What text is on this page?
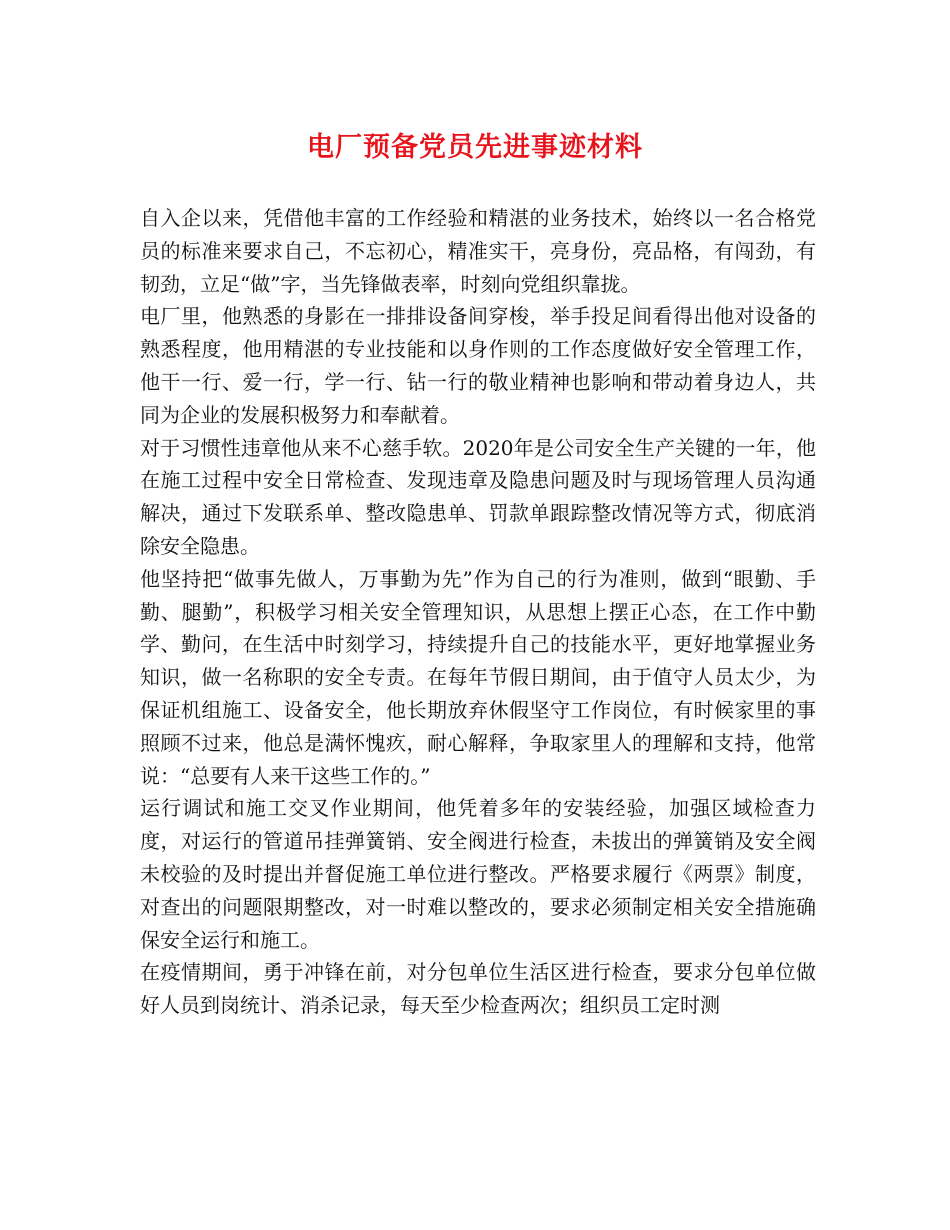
电厂预备党员先进事迹材料

自入企以来，凭借他丰富的工作经验和精湛的业务技术，始终以一名合格党员的标准来要求自己，不忘初心，精准实干，亮身份，亮品格，有闯劲，有韧劲，立足“做”字，当先锋做表率，时刻向党组织靠拢。

电厂里，他熟悉的身影在一排排设备间穿梭，举手投足间看得出他对设备的熟悉程度，他用精湛的专业技能和以身作则的工作态度做好安全管理工作，他干一行、爱一行，学一行、钻一行的敬业精神也影响和带动着身边人，共同为企业的发展积极努力和奉献着。

对于习惯性违章他从来不心慈手软。2020年是公司安全生产关键的一年，他在施工过程中安全日常检查、发现违章及隐患问题及时与现场管理人员沟通解决，通过下发联系单、整改隐患单、罚款单跟踪整改情况等方式，彻底消除安全隐患。

他坚持把“做事先做人，万事勤为先”作为自己的行为准则，做到“眼勤、手勤、腿勤”，积极学习相关安全管理知识，从思想上摆正心态，在工作中勤学、勤问，在生活中时刻学习，持续提升自己的技能水平，更好地掌握业务知识，做一名称职的安全专责。在每年节假日期间，由于值守人员太少，为保证机组施工、设备安全，他长期放弃休假坚守工作岗位，有时候家里的事照顾不过来，他总是满怀愧疚，耐心解释，争取家里人的理解和支持，他常说：“总要有人来干这些工作的。”

运行调试和施工交叉作业期间，他凭着多年的安装经验，加强区域检查力度，对运行的管道吊挂弹簧销、安全阀进行检查，未拔出的弹簧销及安全阀未校验的及时提出并督促施工单位进行整改。严格要求履行《两票》制度，对查出的问题限期整改，对一时难以整改的，要求必须制定相关安全措施确保安全运行和施工。

在疫情期间，勇于冲锋在前，对分包单位生活区进行检查，要求分包单位做好人员到岗统计、消杀记录，每天至少检查两次；组织员工定时测
